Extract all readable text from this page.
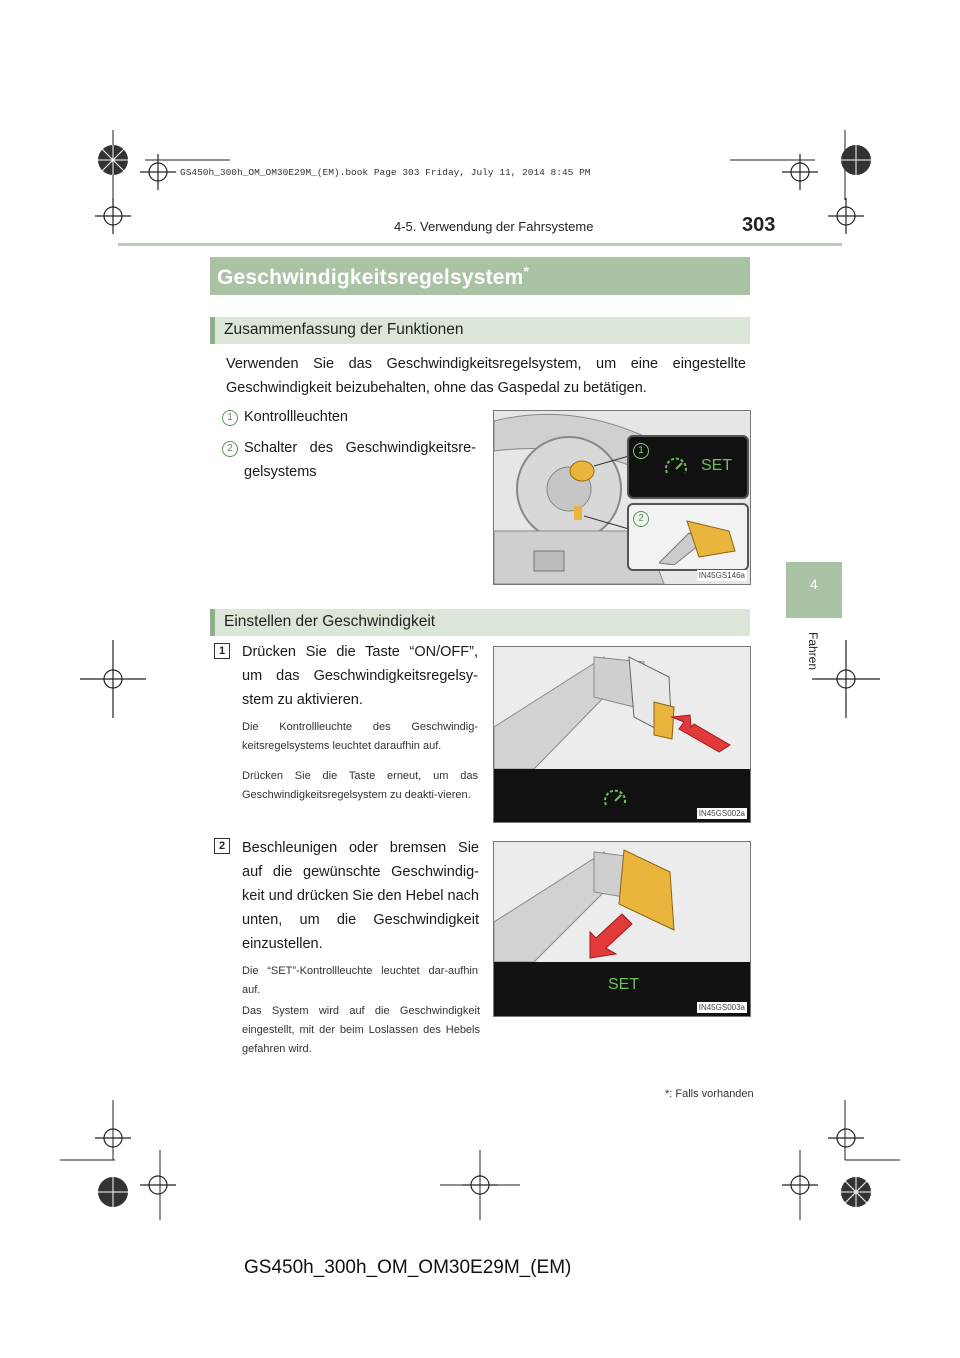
GS450h_300h_OM_OM30E29M_(EM).book Page 303 Friday, July 11, 2014 8:45 PM
4-5. Verwendung der Fahrsysteme	303
4
Fahren
Geschwindigkeitsregelsystem*
Zusammenfassung der Funktionen

Verwenden Sie das Geschwindigkeitsregelsystem, um eine eingestellte Geschwindigkeit beizubehalten, ohne das Gaspedal zu betätigen.

1 Kontrollleuchten

2 Schalter des Geschwindigkeitsre-gelsystems

1
SET
2
IN45GS146a
Einstellen der Geschwindigkeit
1	Drücken Sie die Taste “ON/OFF”, um das Geschwindigkeitsregelsy-stem zu aktivieren.

Die Kontrollleuchte des Geschwindig-keitsregelsystems leuchtet daraufhin auf.

Drücken Sie die Taste erneut, um das Geschwindigkeitsregelsystem zu deakti-vieren.

IN45GS002a
2	Beschleunigen oder bremsen Sie auf die gewünschte Geschwindig-keit und drücken Sie den Hebel nach unten, um die Geschwindigkeit einzustellen.

Die “SET”-Kontrollleuchte leuchtet dar-aufhin auf.

Das System wird auf die Geschwindigkeit eingestellt, mit der beim Loslassen des Hebels gefahren wird.

SET
IN45GS003a
*: Falls vorhanden
GS450h_300h_OM_OM30E29M_(EM)
